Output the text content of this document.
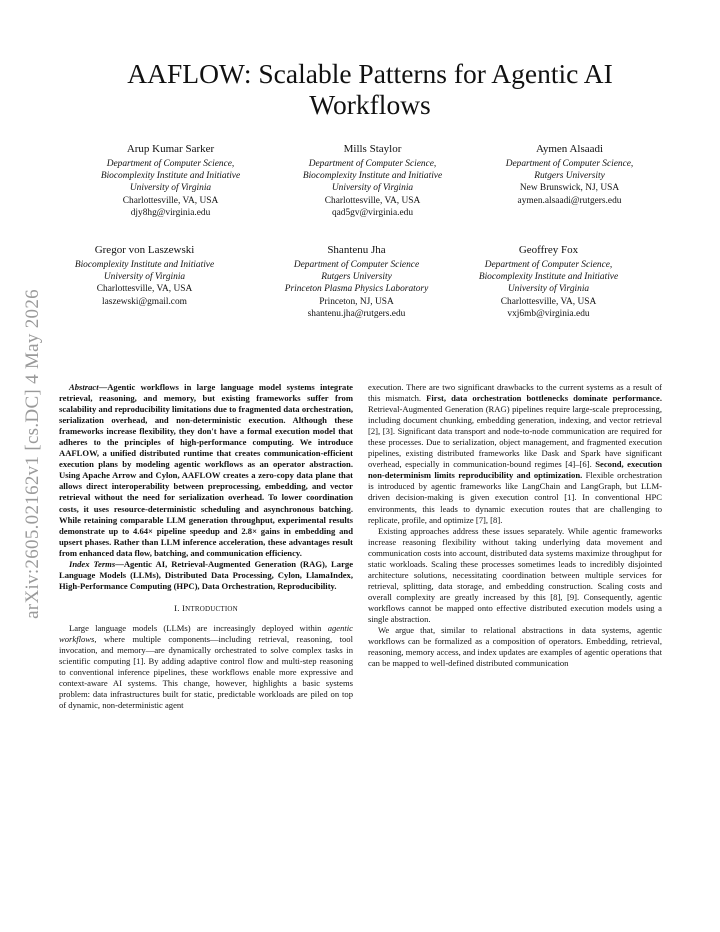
arXiv:2605.02162v1 [cs.DC] 4 May 2026
AAFLOW: Scalable Patterns for Agentic AI
Workflows
Arup Kumar Sarker
Department of Computer Science,
Biocomplexity Institute and Initiative
University of Virginia
Charlottesville, VA, USA
djy8hg@virginia.edu
Mills Staylor
Department of Computer Science,
Biocomplexity Institute and Initiative
University of Virginia
Charlottesville, VA, USA
qad5gv@virginia.edu
Aymen Alsaadi
Department of Computer Science,
Rutgers University
New Brunswick, NJ, USA
aymen.alsaadi@rutgers.edu
Gregor von Laszewski
Biocomplexity Institute and Initiative
University of Virginia
Charlottesville, VA, USA
laszewski@gmail.com
Shantenu Jha
Department of Computer Science
Rutgers University
Princeton Plasma Physics Laboratory
Princeton, NJ, USA
shantenu.jha@rutgers.edu
Geoffrey Fox
Department of Computer Science,
Biocomplexity Institute and Initiative
University of Virginia
Charlottesville, VA, USA
vxj6mb@virginia.edu

Abstract—Agentic workflows in large language model systems integrate retrieval, reasoning, and memory, but existing frameworks suffer from scalability and reproducibility limitations due to fragmented data orchestration, serialization overhead, and non-deterministic execution. Although these frameworks increase flexibility, they don't have a formal execution model that adheres to the principles of high-performance computing. We introduce AAFLOW, a unified distributed runtime that creates communication-efficient execution plans by modeling agentic workflows as an operator abstraction. Using Apache Arrow and Cylon, AAFLOW creates a zero-copy data plane that allows direct interoperability between preprocessing, embedding, and vector retrieval without the need for serialization overhead. To lower coordination costs, it uses resource-deterministic scheduling and asynchronous batching. While retaining comparable LLM generation throughput, experimental results demonstrate up to 4.64× pipeline speedup and 2.8× gains in embedding and upsert phases. Rather than LLM inference acceleration, these advantages result from enhanced data flow, batching, and communication efficiency.

Index Terms—Agentic AI, Retrieval-Augmented Generation (RAG), Large Language Models (LLMs), Distributed Data Processing, Cylon, LlamaIndex, High-Performance Computing (HPC), Data Orchestration, Reproducibility.

I. INTRODUCTION

Large language models (LLMs) are increasingly deployed within agentic workflows, where multiple components—including retrieval, reasoning, tool invocation, and memory—are dynamically orchestrated to solve complex tasks in scientific computing [1]. By adding adaptive control flow and multi-step reasoning to conventional inference pipelines, these workflows enable more expressive and context-aware AI systems. This change, however, highlights a basic systems problem: data infrastructures built for static, predictable workloads are piled on top of dynamic, non-deterministic agent

execution. There are two significant drawbacks to the current systems as a result of this mismatch. First, data orchestration bottlenecks dominate performance. Retrieval-Augmented Generation (RAG) pipelines require large-scale preprocessing, including document chunking, embedding generation, indexing, and vector retrieval [2], [3]. Significant data transport and node-to-node communication are required for these processes. Due to serialization, object management, and fragmented execution pipelines, existing distributed frameworks like Dask and Spark have significant overhead, especially in communication-bound regimes [4]–[6]. Second, execution non-determinism limits reproducibility and optimization. Flexible orchestration is introduced by agentic frameworks like LangChain and LangGraph, but LLM-driven decision-making is given execution control [1]. In conventional HPC environments, this leads to dynamic execution routes that are challenging to replicate, profile, and optimize [7], [8].

Existing approaches address these issues separately. While agentic frameworks increase reasoning flexibility without taking underlying data movement and communication costs into account, distributed data systems maximize throughput for static workloads. Scaling these processes sometimes leads to incredibly disjointed architecture solutions, necessitating coordination between multiple services for retrieval, splitting, data storage, and embedding construction. Scaling costs and overall complexity are greatly increased by this [8], [9]. Consequently, agentic workflows cannot be mapped onto effective distributed execution models using a single abstraction.

We argue that, similar to relational abstractions in data systems, agentic workflows can be formalized as a composition of operators. Embedding, retrieval, reasoning, memory access, and index updates are examples of agentic operations that can be mapped to well-defined distributed communication
